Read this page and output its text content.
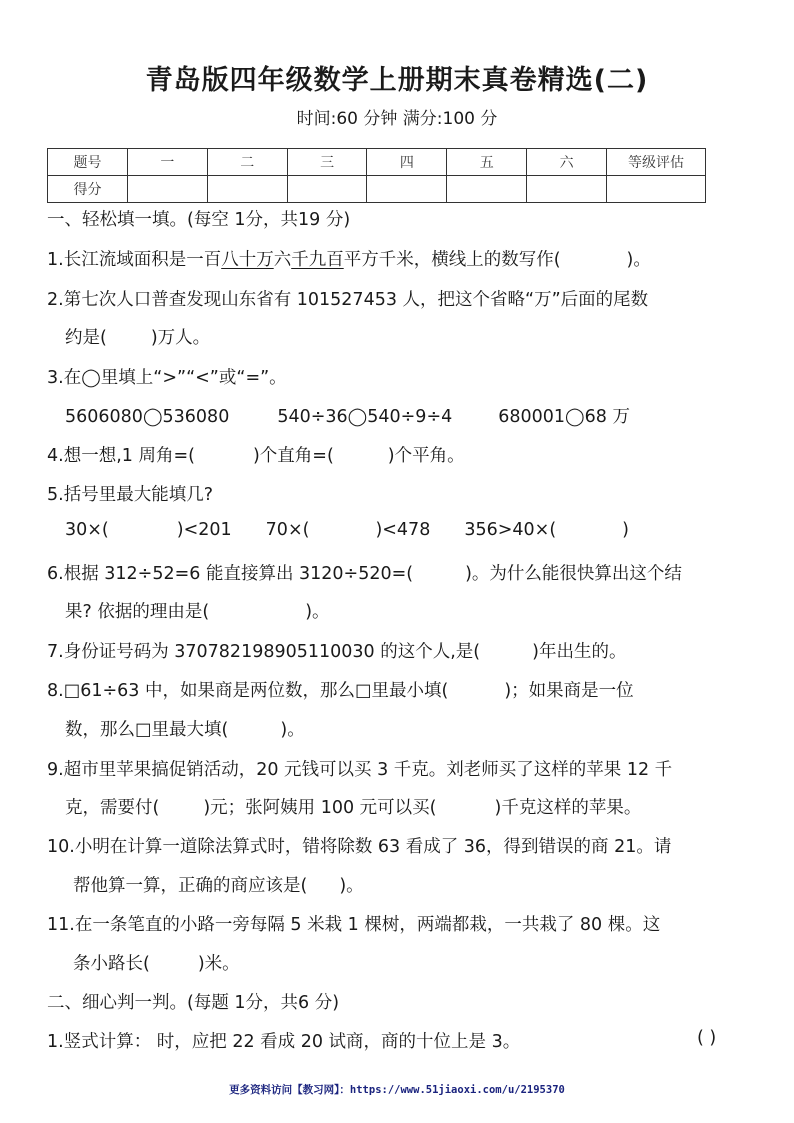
青岛版四年级数学上册期末真卷精选(二)
时间:60 分钟 满分:100 分
题号	一	二	三	四	五	六	等级评估
得分							
一、轻松填一填。(每空 1分，共19 分)
1.长江流域面积是一百八十万六千九百平方千米，横线上的数写作(	)。
2.第七次人口普查发现山东省有 101527453 人，把这个省略“万”后面的尾数
约是(	)万人。
3.在◯里填上“>”“<”或“=”。
5606080◯536080	540÷36◯540÷9÷4	680001◯68 万
4.想一想,1 周角=(	)个直角=(	)个平角。
5.括号里最大能填几?
30×(	)<201 70×(	)<478 356>40×(	)
6.根据 312÷52=6 能直接算出 3120÷520=(	)。为什么能很快算出这个结
果? 依据的理由是(	)。
7.身份证号码为 370782198905110030 的这个人,是(	)年出生的。
8.□61÷63 中，如果商是两位数，那么□里最小填(	)；如果商是一位
数，那么□里最大填(	)。
9.超市里苹果搞促销活动，20 元钱可以买 3 千克。刘老师买了这样的苹果 12 千
克，需要付(	)元；张阿姨用 100 元可以买(	)千克这样的苹果。
10.小明在计算一道除法算式时，错将除数 63 看成了 36，得到错误的商 21。请
帮他算一算，正确的商应该是( )。
11.在一条笔直的小路一旁每隔 5 米栽 1 棵树，两端都栽，一共栽了 80 棵。这
条小路长(	)米。
二、细心判一判。(每题 1分，共6 分)
1.竖式计算： 时，应把 22 看成 20 试商，商的十位上是 3。	( )
更多资料访问【教习网】：https://www.51jiaoxi.com/u/2195370
